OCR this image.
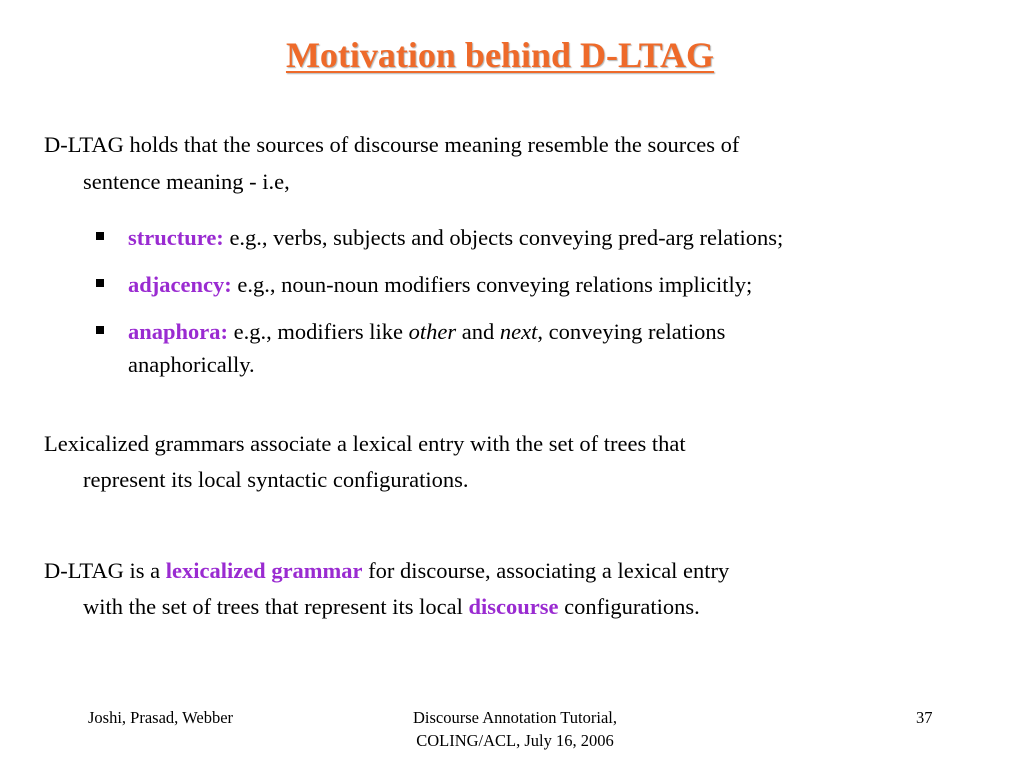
Motivation behind D-LTAG
D-LTAG holds that the sources of discourse meaning resemble the sources of
sentence meaning - i.e,
structure: e.g., verbs, subjects and objects conveying pred-arg relations;
adjacency: e.g., noun-noun modifiers conveying relations implicitly;
anaphora: e.g., modifiers like other and next, conveying relations
anaphorically.
Lexicalized grammars associate a lexical entry with the set of trees that
represent its local syntactic configurations.
D-LTAG is a lexicalized grammar for discourse, associating a lexical entry
with the set of trees that represent its local discourse configurations.
Joshi, Prasad, Webber	Discourse Annotation Tutorial,
COLING/ACL, July 16, 2006
37
